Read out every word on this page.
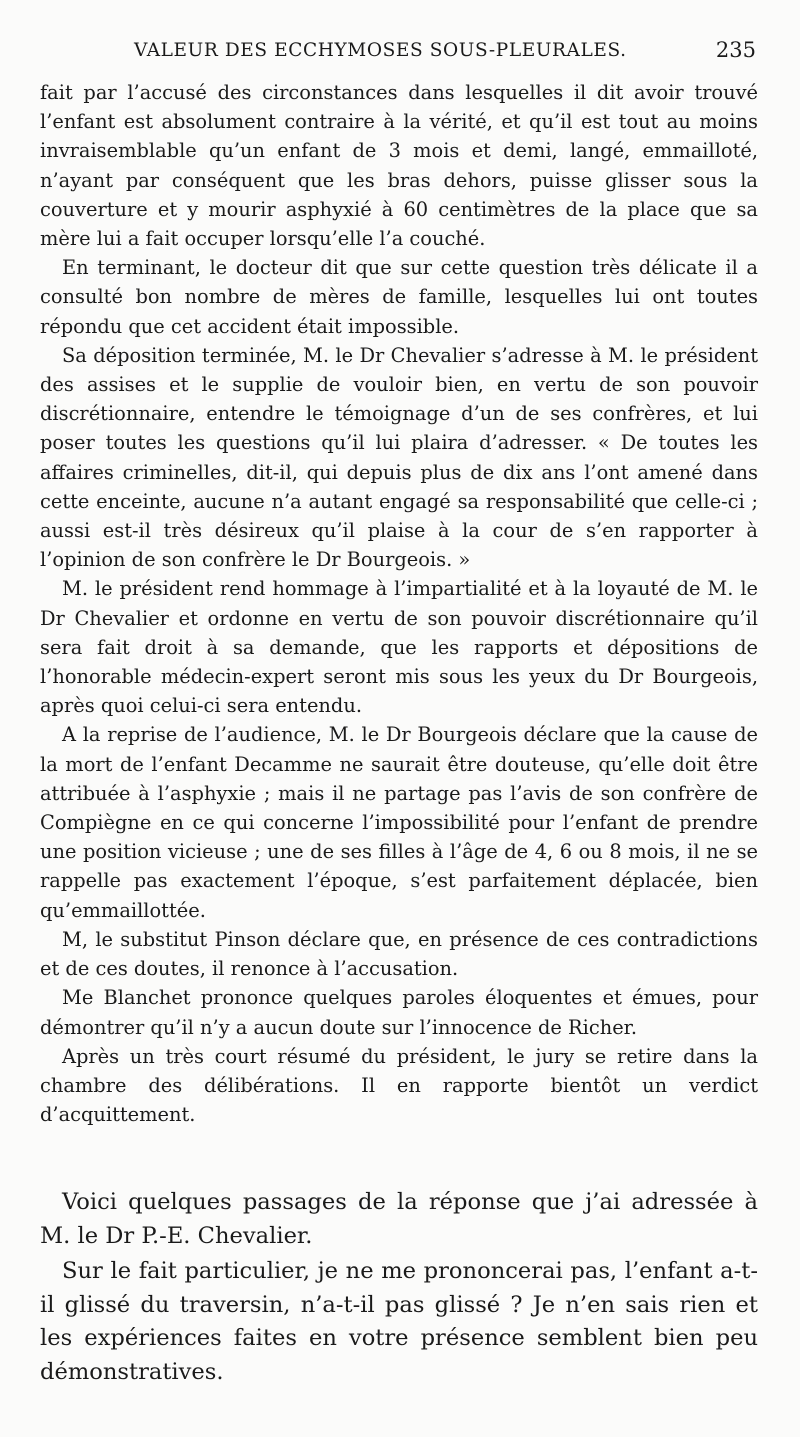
VALEUR DES ECCHYMOSES SOUS-PLEURALES.	235

fait par l’accusé des circonstances dans lesquelles il dit avoir trouvé l’enfant est absolument contraire à la vérité, et qu’il est tout au moins invraisemblable qu’un enfant de 3 mois et demi, langé, emmailloté, n’ayant par conséquent que les bras dehors, puisse glisser sous la couverture et y mourir asphyxié à 60 centimètres de la place que sa mère lui a fait occuper lorsqu’elle l’a couché.

En terminant, le docteur dit que sur cette question très délicate il a consulté bon nombre de mères de famille, lesquelles lui ont toutes répondu que cet accident était impossible.

Sa déposition terminée, M. le Dr Chevalier s’adresse à M. le président des assises et le supplie de vouloir bien, en vertu de son pouvoir discrétionnaire, entendre le témoignage d’un de ses confrères, et lui poser toutes les questions qu’il lui plaira d’adresser. « De toutes les affaires criminelles, dit-il, qui depuis plus de dix ans l’ont amené dans cette enceinte, aucune n’a autant engagé sa responsabilité que celle-ci ; aussi est-il très désireux qu’il plaise à la cour de s’en rapporter à l’opinion de son confrère le Dr Bourgeois. »

M. le président rend hommage à l’impartialité et à la loyauté de M. le Dr Chevalier et ordonne en vertu de son pouvoir discrétionnaire qu’il sera fait droit à sa demande, que les rapports et dépositions de l’honorable médecin-expert seront mis sous les yeux du Dr Bourgeois, après quoi celui-ci sera entendu.

A la reprise de l’audience, M. le Dr Bourgeois déclare que la cause de la mort de l’enfant Decamme ne saurait être douteuse, qu’elle doit être attribuée à l’asphyxie ; mais il ne partage pas l’avis de son confrère de Compiègne en ce qui concerne l’impossibilité pour l’enfant de prendre une position vicieuse ; une de ses filles à l’âge de 4, 6 ou 8 mois, il ne se rappelle pas exactement l’époque, s’est parfaitement déplacée, bien qu’emmaillottée.

M, le substitut Pinson déclare que, en présence de ces contradictions et de ces doutes, il renonce à l’accusation.

Me Blanchet prononce quelques paroles éloquentes et émues, pour démontrer qu’il n’y a aucun doute sur l’innocence de Richer.

Après un très court résumé du président, le jury se retire dans la chambre des délibérations. Il en rapporte bientôt un verdict d’acquittement.

Voici quelques passages de la réponse que j’ai adressée à M. le Dr P.-E. Chevalier.

Sur le fait particulier, je ne me prononcerai pas, l’enfant a-t-il glissé du traversin, n’a-t-il pas glissé ? Je n’en sais rien et les expériences faites en votre présence semblent bien peu démonstratives.
